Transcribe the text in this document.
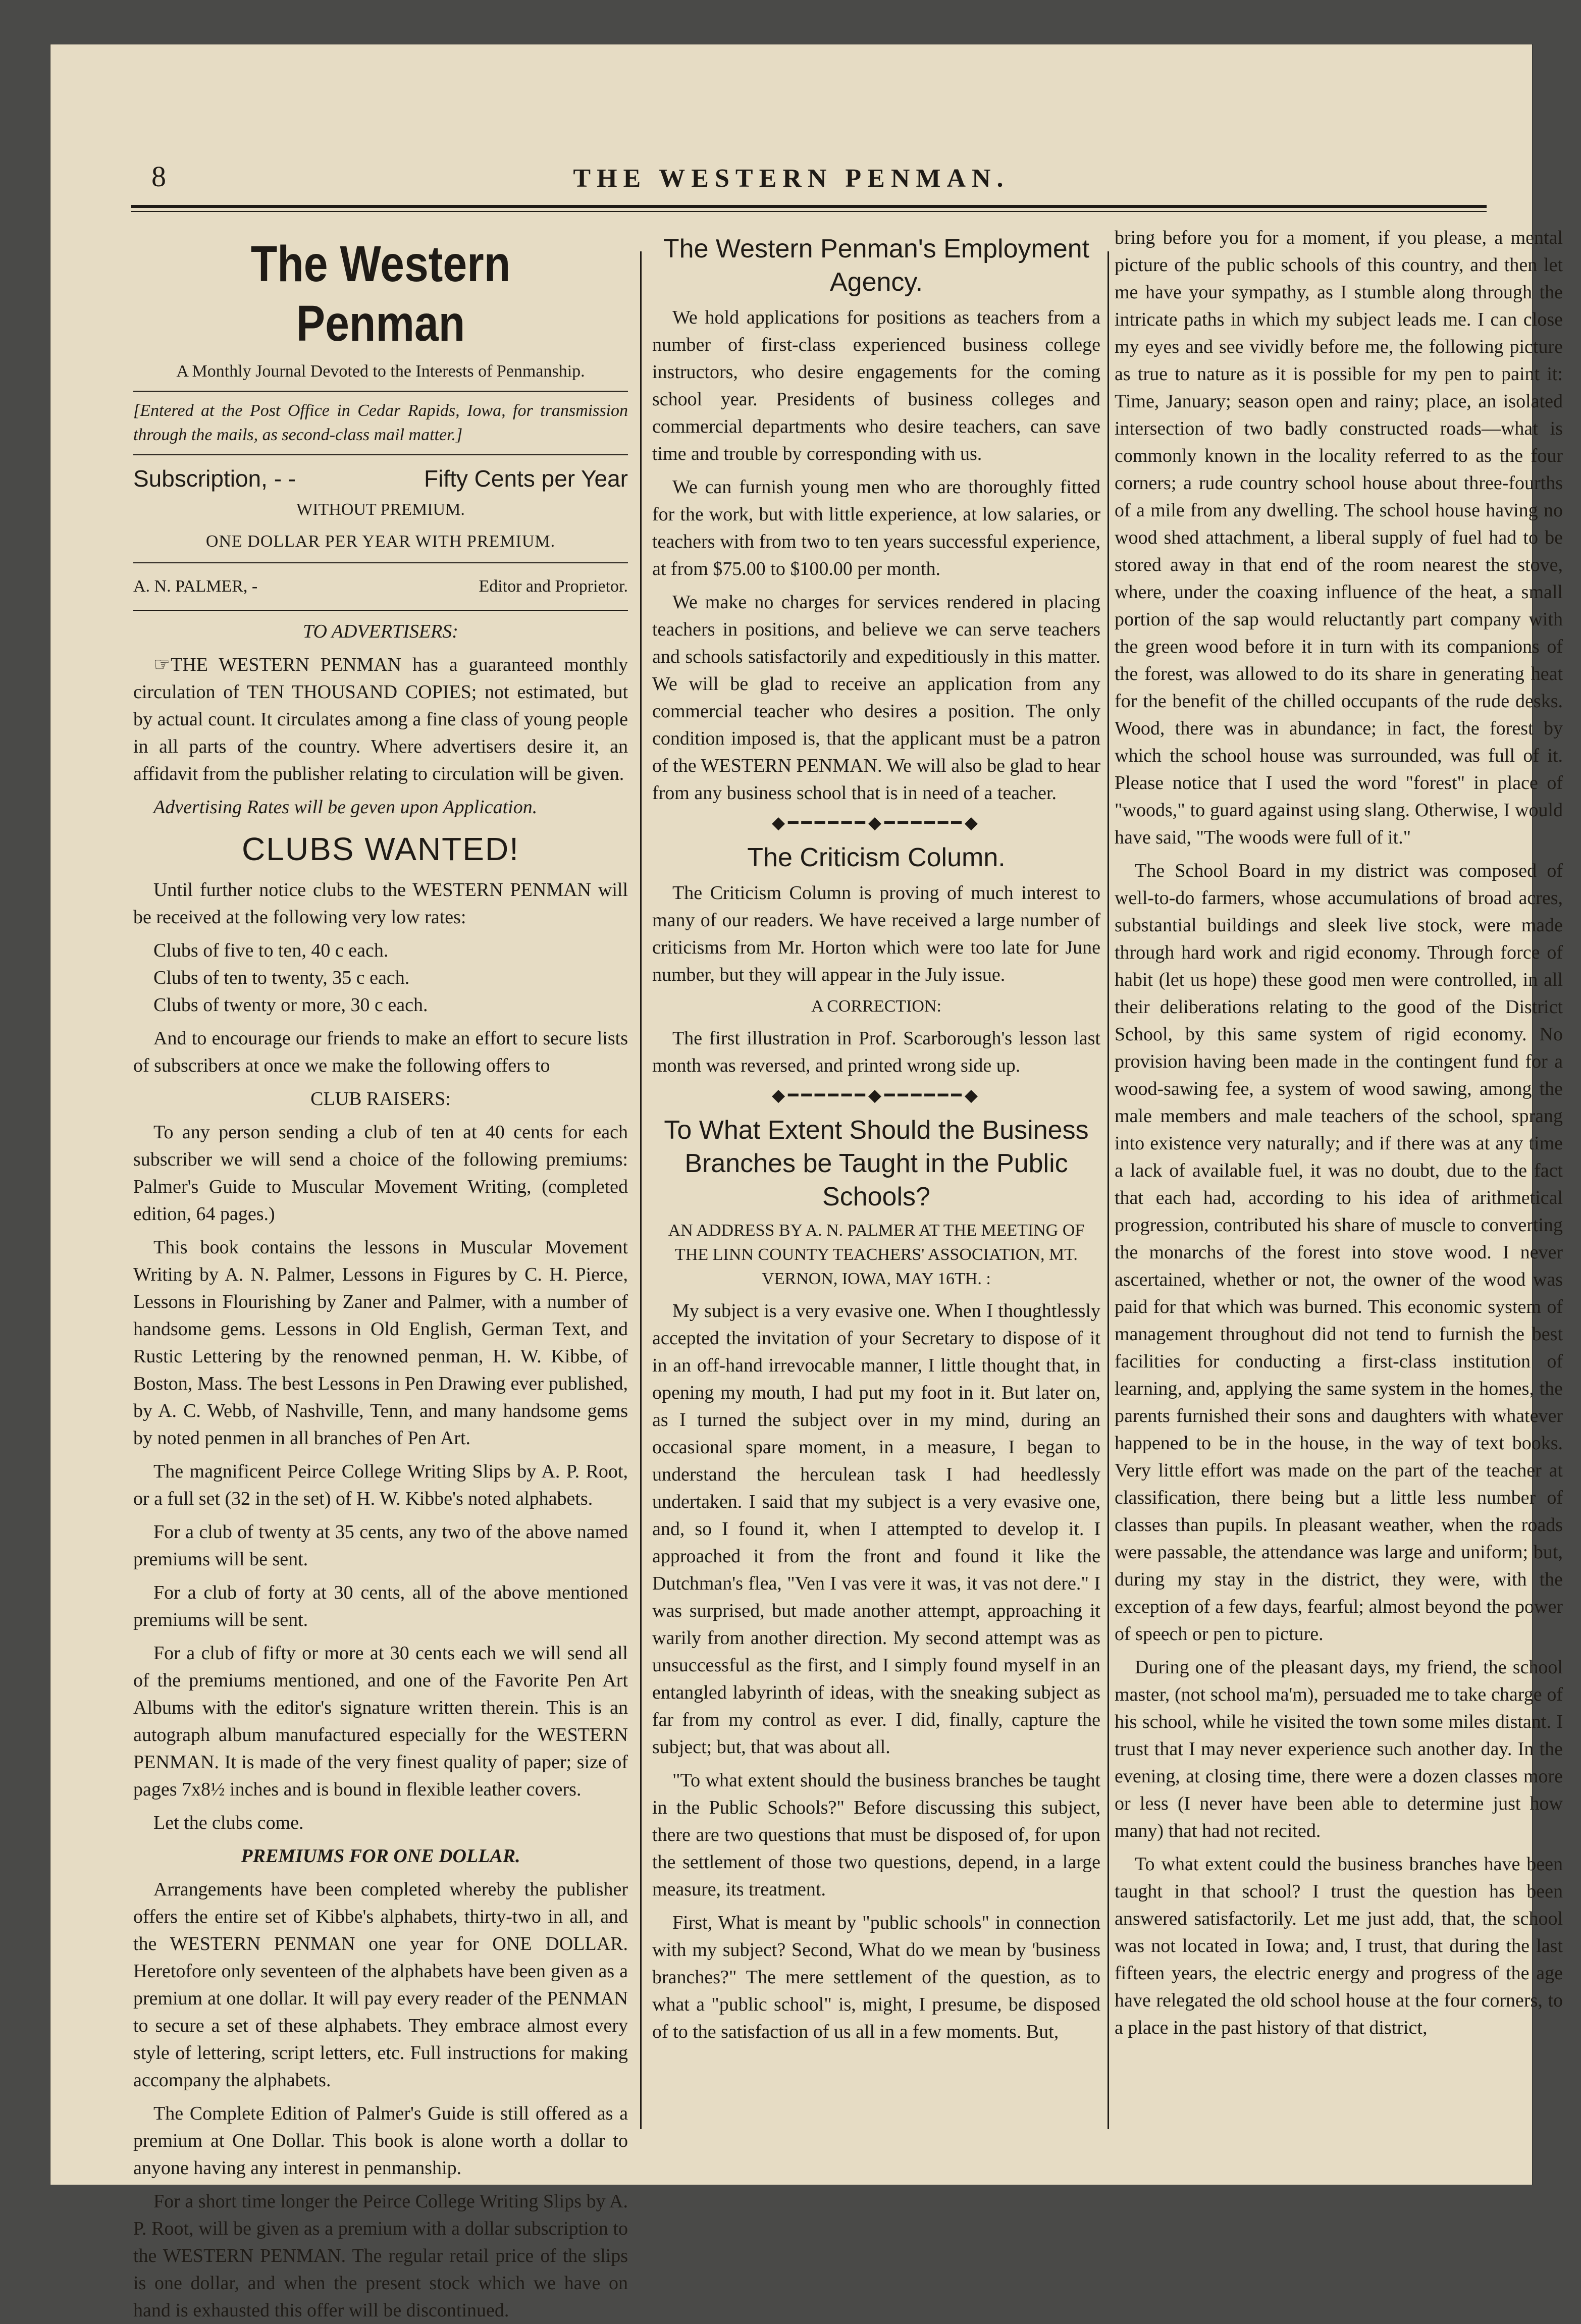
8	THE WESTERN PENMAN.
The Western Penman

A Monthly Journal Devoted to the Interests of Penmanship.

[Entered at the Post Office in Cedar Rapids, Iowa, for transmission through the mails, as second-class mail matter.]

Subscription, - -	Fifty Cents per Year

WITHOUT PREMIUM.

ONE DOLLAR PER YEAR WITH PREMIUM.

A. N. PALMER, -	Editor and Proprietor.

TO ADVERTISERS:

☞THE WESTERN PENMAN has a guaranteed monthly circulation of TEN THOUSAND COPIES; not estimated, but by actual count. It circulates among a fine class of young people in all parts of the country. Where advertisers desire it, an affidavit from the publisher relating to circulation will be given.

Advertising Rates will be geven upon Application.

CLUBS WANTED!

Until further notice clubs to the WESTERN PENMAN will be received at the following very low rates:

Clubs of five to ten, 40 c each.

Clubs of ten to twenty, 35 c each.

Clubs of twenty or more, 30 c each.

And to encourage our friends to make an effort to secure lists of subscribers at once we make the following offers to

CLUB RAISERS:

To any person sending a club of ten at 40 cents for each subscriber we will send a choice of the following premiums: Palmer's Guide to Muscular Movement Writing, (completed edition, 64 pages.)

This book contains the lessons in Muscular Movement Writing by A. N. Palmer, Lessons in Figures by C. H. Pierce, Lessons in Flourishing by Zaner and Palmer, with a number of handsome gems. Lessons in Old English, German Text, and Rustic Lettering by the renowned penman, H. W. Kibbe, of Boston, Mass. The best Lessons in Pen Drawing ever published, by A. C. Webb, of Nashville, Tenn, and many handsome gems by noted penmen in all branches of Pen Art.

The magnificent Peirce College Writing Slips by A. P. Root, or a full set (32 in the set) of H. W. Kibbe's noted alphabets.

For a club of twenty at 35 cents, any two of the above named premiums will be sent.

For a club of forty at 30 cents, all of the above mentioned premiums will be sent.

For a club of fifty or more at 30 cents each we will send all of the premiums mentioned, and one of the Favorite Pen Art Albums with the editor's signature written therein. This is an autograph album manufactured especially for the WESTERN PENMAN. It is made of the very finest quality of paper; size of pages 7x8½ inches and is bound in flexible leather covers.

Let the clubs come.

PREMIUMS FOR ONE DOLLAR.

Arrangements have been completed whereby the publisher offers the entire set of Kibbe's alphabets, thirty-two in all, and the WESTERN PENMAN one year for ONE DOLLAR. Heretofore only seventeen of the alphabets have been given as a premium at one dollar. It will pay every reader of the PENMAN to secure a set of these alphabets. They embrace almost every style of lettering, script letters, etc. Full instructions for making accompany the alphabets.

The Complete Edition of Palmer's Guide is still offered as a premium at One Dollar. This book is alone worth a dollar to anyone having any interest in penmanship.

For a short time longer the Peirce College Writing Slips by A. P. Root, will be given as a premium with a dollar subscription to the WESTERN PENMAN. The regular retail price of the slips is one dollar, and when the present stock which we have on hand is exhausted this offer will be discontinued.

The Western Penman's Employment Agency.

We hold applications for positions as teachers from a number of first-class experienced business college instructors, who desire engagements for the coming school year. Presidents of business colleges and commercial departments who desire teachers, can save time and trouble by corresponding with us.

We can furnish young men who are thoroughly fitted for the work, but with little experience, at low salaries, or teachers with from two to ten years successful experience, at from $75.00 to $100.00 per month.

We make no charges for services rendered in placing teachers in positions, and believe we can serve teachers and schools satisfactorily and expeditiously in this matter. We will be glad to receive an application from any commercial teacher who desires a position. The only condition imposed is, that the applicant must be a patron of the WESTERN PENMAN. We will also be glad to hear from any business school that is in need of a teacher.

◆━━━━━━◆━━━━━━◆
The Criticism Column.

The Criticism Column is proving of much interest to many of our readers. We have received a large number of criticisms from Mr. Horton which were too late for June number, but they will appear in the July issue.

A CORRECTION:

The first illustration in Prof. Scarborough's lesson last month was reversed, and printed wrong side up.

◆━━━━━━◆━━━━━━◆
To What Extent Should the Business Branches be Taught in the Public Schools?

AN ADDRESS BY A. N. PALMER AT THE MEETING OF THE LINN COUNTY TEACHERS' ASSOCIATION, MT. VERNON, IOWA, MAY 16TH. :

My subject is a very evasive one. When I thoughtlessly accepted the invitation of your Secretary to dispose of it in an off-hand irrevocable manner, I little thought that, in opening my mouth, I had put my foot in it. But later on, as I turned the subject over in my mind, during an occasional spare moment, in a measure, I began to understand the herculean task I had heedlessly undertaken. I said that my subject is a very evasive one, and, so I found it, when I attempted to develop it. I approached it from the front and found it like the Dutchman's flea, "Ven I vas vere it was, it vas not dere." I was surprised, but made another attempt, approaching it warily from another direction. My second attempt was as unsuccessful as the first, and I simply found myself in an entangled labyrinth of ideas, with the sneaking subject as far from my control as ever. I did, finally, capture the subject; but, that was about all.

"To what extent should the business branches be taught in the Public Schools?" Before discussing this subject, there are two questions that must be disposed of, for upon the settlement of those two questions, depend, in a large measure, its treatment.

First, What is meant by "public schools" in connection with my subject? Second, What do we mean by 'business branches?" The mere settlement of the question, as to what a "public school" is, might, I presume, be disposed of to the satisfaction of us all in a few moments. But,

bring before you for a moment, if you please, a mental picture of the public schools of this country, and then let me have your sympathy, as I stumble along through the intricate paths in which my subject leads me. I can close my eyes and see vividly before me, the following picture as true to nature as it is possible for my pen to paint it: Time, January; season open and rainy; place, an isolated intersection of two badly constructed roads—what is commonly known in the locality referred to as the four corners; a rude country school house about three-fourths of a mile from any dwelling. The school house having no wood shed attachment, a liberal supply of fuel had to be stored away in that end of the room nearest the stove, where, under the coaxing influence of the heat, a small portion of the sap would reluctantly part company with the green wood before it in turn with its companions of the forest, was allowed to do its share in generating heat for the benefit of the chilled occupants of the rude desks. Wood, there was in abundance; in fact, the forest by which the school house was surrounded, was full of it. Please notice that I used the word "forest" in place of "woods," to guard against using slang. Otherwise, I would have said, "The woods were full of it."

The School Board in my district was composed of well-to-do farmers, whose accumulations of broad acres, substantial buildings and sleek live stock, were made through hard work and rigid economy. Through force of habit (let us hope) these good men were controlled, in all their deliberations relating to the good of the District School, by this same system of rigid economy. No provision having been made in the contingent fund for a wood-sawing fee, a system of wood sawing, among the male members and male teachers of the school, sprang into existence very naturally; and if there was at any time a lack of available fuel, it was no doubt, due to the fact that each had, according to his idea of arithmetical progression, contributed his share of muscle to converting the monarchs of the forest into stove wood. I never ascertained, whether or not, the owner of the wood was paid for that which was burned. This economic system of management throughout did not tend to furnish the best facilities for conducting a first-class institution of learning, and, applying the same system in the homes, the parents furnished their sons and daughters with whatever happened to be in the house, in the way of text books. Very little effort was made on the part of the teacher at classification, there being but a little less number of classes than pupils. In pleasant weather, when the roads were passable, the attendance was large and uniform; but, during my stay in the district, they were, with the exception of a few days, fearful; almost beyond the power of speech or pen to picture.

During one of the pleasant days, my friend, the school master, (not school ma'm), persuaded me to take charge of his school, while he visited the town some miles distant. I trust that I may never experience such another day. In the evening, at closing time, there were a dozen classes more or less (I never have been able to determine just how many) that had not recited.

To what extent could the business branches have been taught in that school? I trust the question has been answered satisfactorily. Let me just add, that, the school was not located in Iowa; and, I trust, that during the last fifteen years, the electric energy and progress of the age have relegated the old school house at the four corners, to a place in the past history of that district,
